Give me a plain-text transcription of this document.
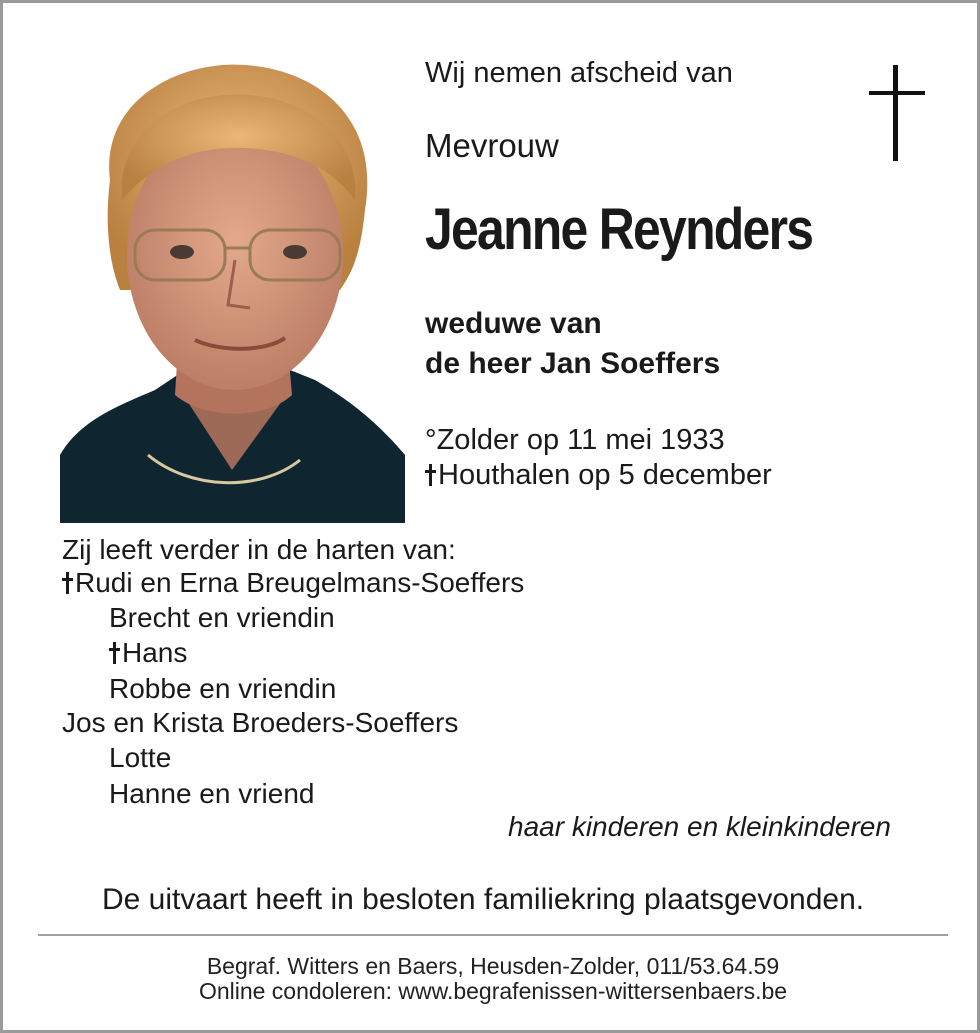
Wij nemen afscheid van
Mevrouw
Jeanne Reynders
weduwe van
de heer Jan Soeffers
°Zolder op 11 mei 1933
Houthalen op 5 december
Zij leeft verder in de harten van:
Rudi en Erna Breugelmans-Soeffers
Brecht en vriendin
Hans
Robbe en vriendin
Jos en Krista Broeders-Soeffers
Lotte
Hanne en vriend
haar kinderen en kleinkinderen
De uitvaart heeft in besloten familiekring plaatsgevonden.
Begraf. Witters en Baers, Heusden-Zolder, 011/53.64.59
Online condoleren: www.begrafenissen-wittersenbaers.be
